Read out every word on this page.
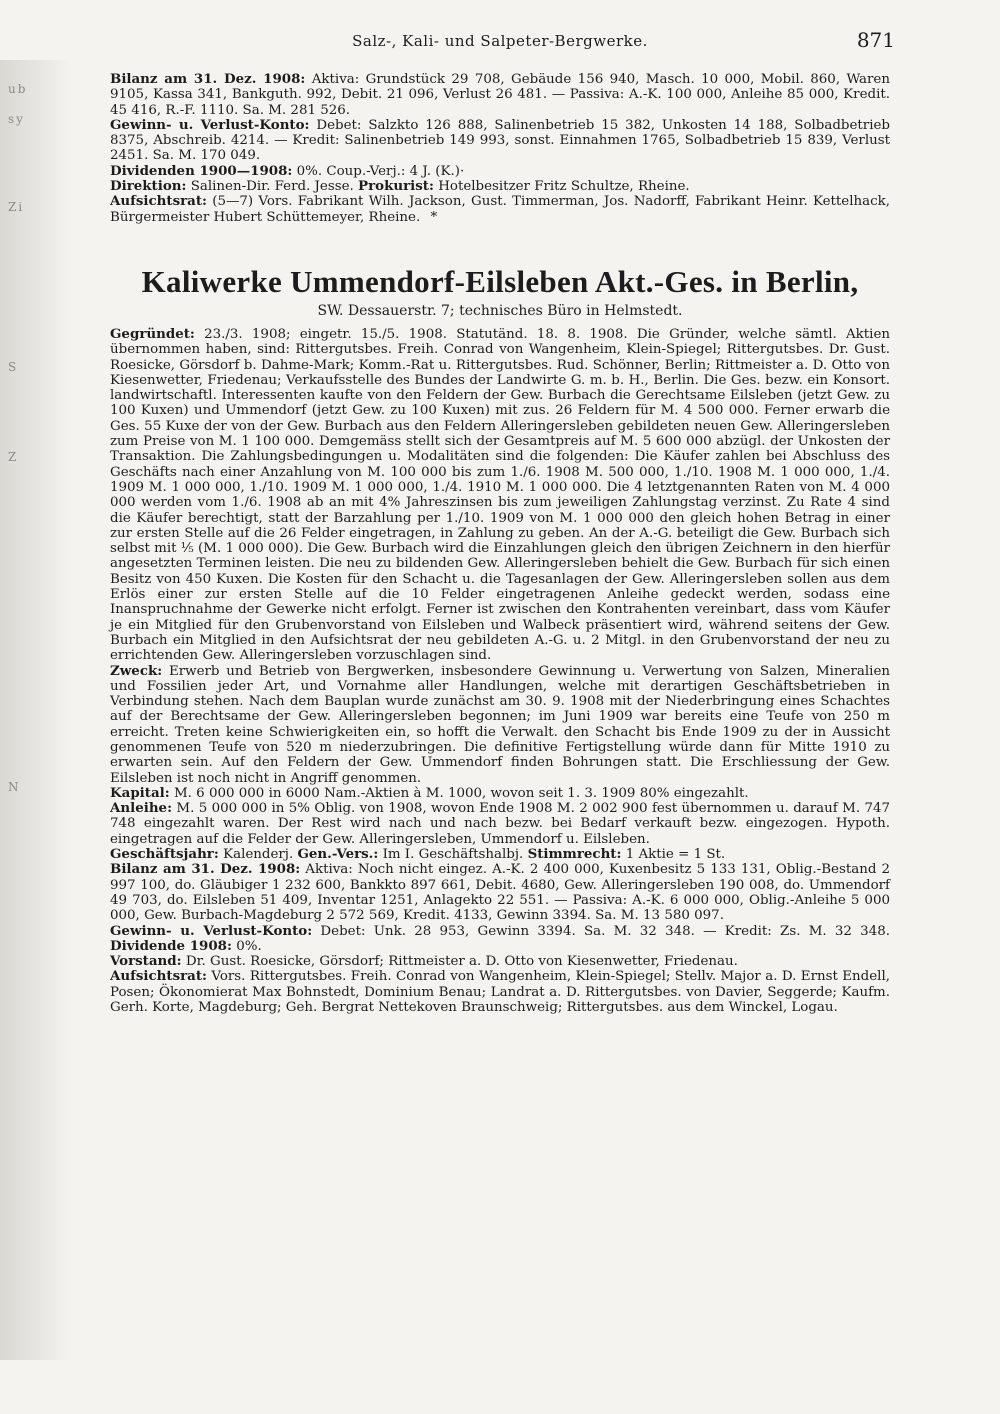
ub
sy
Zi
S
N
Z
Salz-, Kali- und Salpeter-Bergwerke.	871

Bilanz am 31. Dez. 1908: Aktiva: Grundstück 29 708, Gebäude 156 940, Masch. 10 000, Mobil. 860, Waren 9105, Kassa 341, Bankguth. 992, Debit. 21 096, Verlust 26 481. — Passiva: A.-K. 100 000, Anleihe 85 000, Kredit. 45 416, R.-F. 1110. Sa. M. 281 526.

Gewinn- u. Verlust-Konto: Debet: Salzkto 126 888, Salinenbetrieb 15 382, Unkosten 14 188, Solbadbetrieb 8375, Abschreib. 4214. — Kredit: Salinenbetrieb 149 993, sonst. Einnahmen 1765, Solbadbetrieb 15 839, Verlust 2451. Sa. M. 170 049.

Dividenden 1900—1908: 0%. Coup.-Verj.: 4 J. (K.)·

Direktion: Salinen-Dir. Ferd. Jesse. Prokurist: Hotelbesitzer Fritz Schultze, Rheine.

Aufsichtsrat: (5—7) Vors. Fabrikant Wilh. Jackson, Gust. Timmerman, Jos. Nadorff, Fabrikant Heinr. Kettelhack, Bürgermeister Hubert Schüttemeyer, Rheine. *

Kaliwerke Ummendorf-Eilsleben Akt.-Ges. in Berlin,
SW. Dessauerstr. 7; technisches Büro in Helmstedt.

Gegründet: 23./3. 1908; eingetr. 15./5. 1908. Statutänd. 18. 8. 1908. Die Gründer, welche sämtl. Aktien übernommen haben, sind: Rittergutsbes. Freih. Conrad von Wangenheim, Klein-Spiegel; Rittergutsbes. Dr. Gust. Roesicke, Görsdorf b. Dahme-Mark; Komm.-Rat u. Rittergutsbes. Rud. Schönner, Berlin; Rittmeister a. D. Otto von Kiesenwetter, Friedenau; Verkaufsstelle des Bundes der Landwirte G. m. b. H., Berlin. Die Ges. bezw. ein Konsort. landwirtschaftl. Interessenten kaufte von den Feldern der Gew. Burbach die Gerechtsame Eilsleben (jetzt Gew. zu 100 Kuxen) und Ummendorf (jetzt Gew. zu 100 Kuxen) mit zus. 26 Feldern für M. 4 500 000. Ferner erwarb die Ges. 55 Kuxe der von der Gew. Burbach aus den Feldern Alleringersleben gebildeten neuen Gew. Alleringersleben zum Preise von M. 1 100 000. Demgemäss stellt sich der Gesamtpreis auf M. 5 600 000 abzügl. der Unkosten der Transaktion. Die Zahlungsbedingungen u. Modalitäten sind die folgenden: Die Käufer zahlen bei Abschluss des Geschäfts nach einer Anzahlung von M. 100 000 bis zum 1./6. 1908 M. 500 000, 1./10. 1908 M. 1 000 000, 1./4. 1909 M. 1 000 000, 1./10. 1909 M. 1 000 000, 1./4. 1910 M. 1 000 000. Die 4 letztgenannten Raten von M. 4 000 000 werden vom 1./6. 1908 ab an mit 4% Jahreszinsen bis zum jeweiligen Zahlungstag verzinst. Zu Rate 4 sind die Käufer berechtigt, statt der Barzahlung per 1./10. 1909 von M. 1 000 000 den gleich hohen Betrag in einer zur ersten Stelle auf die 26 Felder eingetragen, in Zahlung zu geben. An der A.-G. beteiligt die Gew. Burbach sich selbst mit ⅕ (M. 1 000 000). Die Gew. Burbach wird die Einzahlungen gleich den übrigen Zeichnern in den hierfür angesetzten Terminen leisten. Die neu zu bildenden Gew. Alleringersleben behielt die Gew. Burbach für sich einen Besitz von 450 Kuxen. Die Kosten für den Schacht u. die Tagesanlagen der Gew. Alleringersleben sollen aus dem Erlös einer zur ersten Stelle auf die 10 Felder eingetragenen Anleihe gedeckt werden, sodass eine Inanspruchnahme der Gewerke nicht erfolgt. Ferner ist zwischen den Kontrahenten vereinbart, dass vom Käufer je ein Mitglied für den Grubenvorstand von Eilsleben und Walbeck präsentiert wird, während seitens der Gew. Burbach ein Mitglied in den Aufsichtsrat der neu gebildeten A.-G. u. 2 Mitgl. in den Grubenvorstand der neu zu errichtenden Gew. Alleringersleben vorzuschlagen sind.

Zweck: Erwerb und Betrieb von Bergwerken, insbesondere Gewinnung u. Verwertung von Salzen, Mineralien und Fossilien jeder Art, und Vornahme aller Handlungen, welche mit derartigen Geschäftsbetrieben in Verbindung stehen. Nach dem Bauplan wurde zunächst am 30. 9. 1908 mit der Niederbringung eines Schachtes auf der Berechtsame der Gew. Alleringersleben begonnen; im Juni 1909 war bereits eine Teufe von 250 m erreicht. Treten keine Schwierigkeiten ein, so hofft die Verwalt. den Schacht bis Ende 1909 zu der in Aussicht genommenen Teufe von 520 m niederzubringen. Die definitive Fertigstellung würde dann für Mitte 1910 zu erwarten sein. Auf den Feldern der Gew. Ummendorf finden Bohrungen statt. Die Erschliessung der Gew. Eilsleben ist noch nicht in Angriff genommen.

Kapital: M. 6 000 000 in 6000 Nam.-Aktien à M. 1000, wovon seit 1. 3. 1909 80% eingezahlt.

Anleihe: M. 5 000 000 in 5% Oblig. von 1908, wovon Ende 1908 M. 2 002 900 fest übernommen u. darauf M. 747 748 eingezahlt waren. Der Rest wird nach und nach bezw. bei Bedarf verkauft bezw. eingezogen. Hypoth. eingetragen auf die Felder der Gew. Alleringersleben, Ummendorf u. Eilsleben.

Geschäftsjahr: Kalenderj. Gen.-Vers.: Im I. Geschäftshalbj. Stimmrecht: 1 Aktie = 1 St.

Bilanz am 31. Dez. 1908: Aktiva: Noch nicht eingez. A.-K. 2 400 000, Kuxenbesitz 5 133 131, Oblig.-Bestand 2 997 100, do. Gläubiger 1 232 600, Bankkto 897 661, Debit. 4680, Gew. Alleringersleben 190 008, do. Ummendorf 49 703, do. Eilsleben 51 409, Inventar 1251, Anlagekto 22 551. — Passiva: A.-K. 6 000 000, Oblig.-Anleihe 5 000 000, Gew. Burbach-Magdeburg 2 572 569, Kredit. 4133, Gewinn 3394. Sa. M. 13 580 097.

Gewinn- u. Verlust-Konto: Debet: Unk. 28 953, Gewinn 3394. Sa. M. 32 348. — Kredit: Zs. M. 32 348. Dividende 1908: 0%.

Vorstand: Dr. Gust. Roesicke, Görsdorf; Rittmeister a. D. Otto von Kiesenwetter, Friedenau.

Aufsichtsrat: Vors. Rittergutsbes. Freih. Conrad von Wangenheim, Klein-Spiegel; Stellv. Major a. D. Ernst Endell, Posen; Ökonomierat Max Bohnstedt, Dominium Benau; Landrat a. D. Rittergutsbes. von Davier, Seggerde; Kaufm. Gerh. Korte, Magdeburg; Geh. Bergrat Nettekoven Braunschweig; Rittergutsbes. aus dem Winckel, Logau.
